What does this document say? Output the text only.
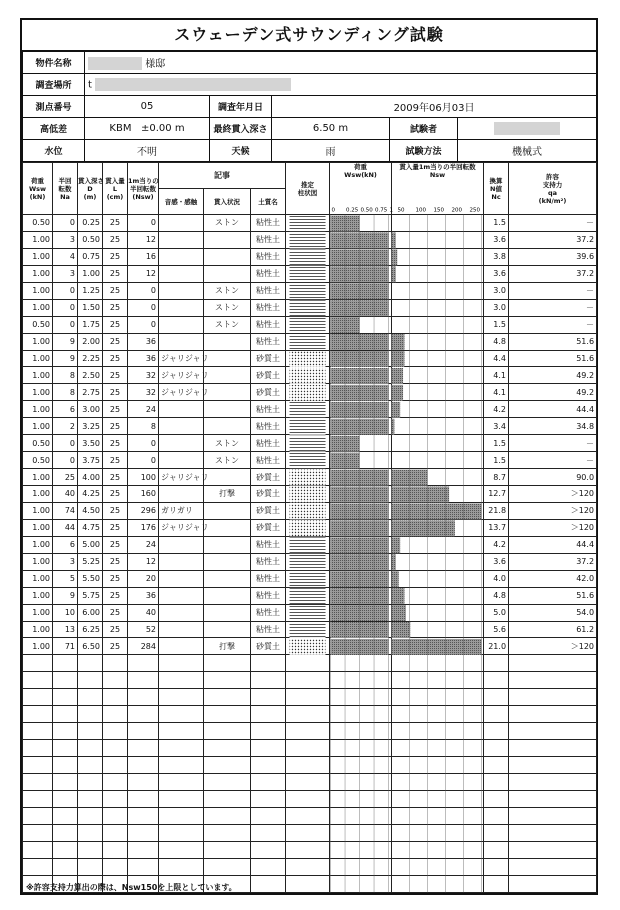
スウェーデン式サウンディング試験
物件名称	様邸				
調査場所	t				
測点番号	05	調査年月日	2009年06月03日		
高低差	KBM ±0.00 m	最終貫入深さ	6.50 m	試験者	
水位	不明	天候	雨	試験方法	機械式
荷重
Wsw
(kN)	半回
転数
Na	貫入深さ
D
(m)	貫入量
L
(cm)	1m当りの
半回転数
(Nsw)	記事			推定
柱状図	荷重
Wsw(kN)	貫入量1m当りの半回転数
Nsw	換算
N値
Nc	許容
支持力
qa
(kN/m²)
					音感・感触	貫入状況	土質名					
0.50	0	0.25	25	0		ストン	粘性土				1.5	－
1.00	3	0.50	25	12			粘性土				3.6	37.2
1.00	4	0.75	25	16			粘性土				3.8	39.6
1.00	3	1.00	25	12			粘性土				3.6	37.2
1.00	0	1.25	25	0		ストン	粘性土				3.0	－
1.00	0	1.50	25	0		ストン	粘性土				3.0	－
0.50	0	1.75	25	0		ストン	粘性土				1.5	－
1.00	9	2.00	25	36			粘性土				4.8	51.6
1.00	9	2.25	25	36	ジャリジャリ		砂質土				4.4	51.6
1.00	8	2.50	25	32	ジャリジャリ		砂質土				4.1	49.2
1.00	8	2.75	25	32	ジャリジャリ		砂質土				4.1	49.2
1.00	6	3.00	25	24			粘性土				4.2	44.4
1.00	2	3.25	25	8			粘性土				3.4	34.8
0.50	0	3.50	25	0		ストン	粘性土				1.5	－
0.50	0	3.75	25	0		ストン	粘性土				1.5	－
1.00	25	4.00	25	100	ジャリジャリ		砂質土				8.7	90.0
1.00	40	4.25	25	160		打撃	砂質土				12.7	＞120
1.00	74	4.50	25	296	ガリガリ		砂質土				21.8	＞120
1.00	44	4.75	25	176	ジャリジャリ		砂質土				13.7	＞120
1.00	6	5.00	25	24			粘性土				4.2	44.4
1.00	3	5.25	25	12			粘性土				3.6	37.2
1.00	5	5.50	25	20			粘性土				4.0	42.0
1.00	9	5.75	25	36			粘性土				4.8	51.6
1.00	10	6.00	25	40			粘性土				5.0	54.0
1.00	13	6.25	25	52			粘性土				5.6	61.2
1.00	71	6.50	25	284		打撃	砂質土				21.0	＞120

0 0.25 0.50 0.75 1 50 100 150 200 250
※許容支持力算出の際は、Nsw150を上限としています。
